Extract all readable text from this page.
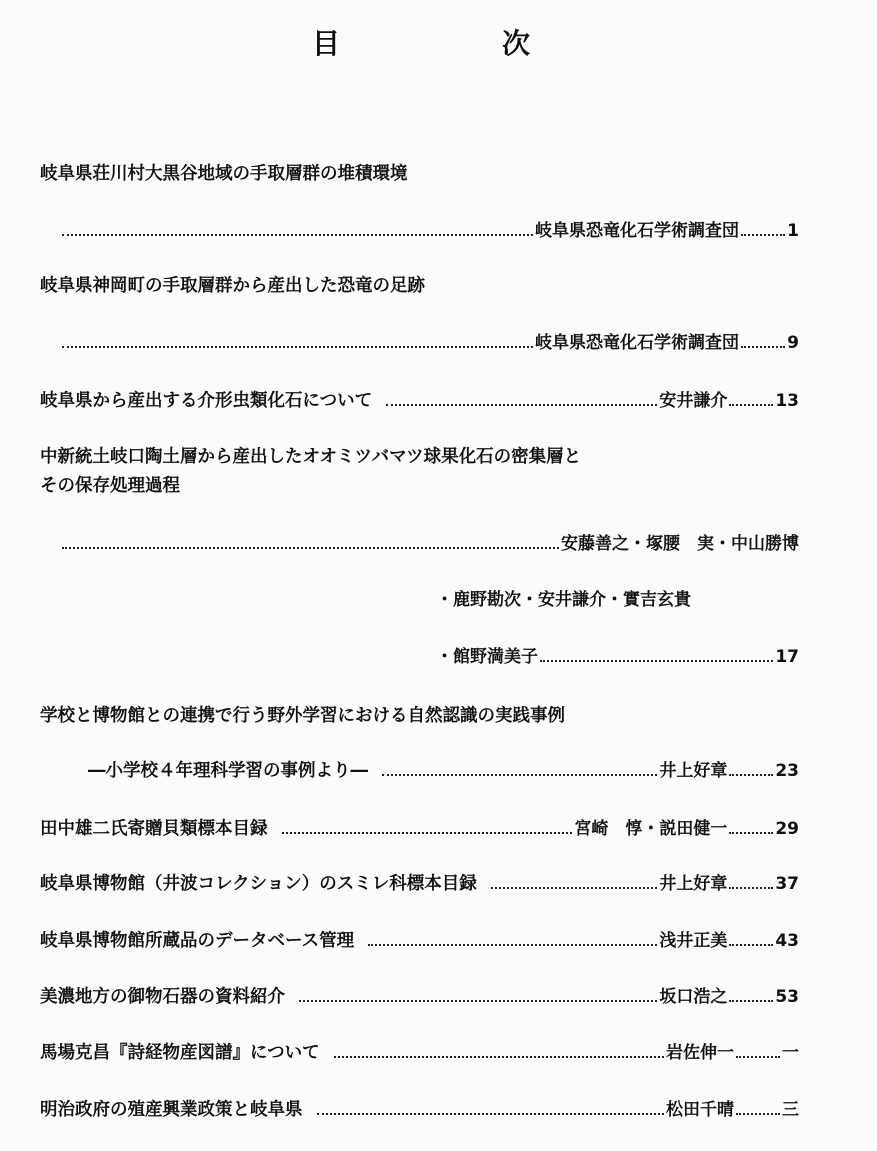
目	次
岐阜県荘川村大黒谷地域の手取層群の堆積環境
岐阜県恐竜化石学術調査団	1
岐阜県神岡町の手取層群から産出した恐竜の足跡
岐阜県恐竜化石学術調査団	9
岐阜県から産出する介形虫類化石について	安井謙介	13
中新統土岐口陶土層から産出したオオミツバマツ球果化石の密集層と
その保存処理過程
安藤善之・塚腰　実・中山勝博
・鹿野勘次・安井謙介・實吉玄貴
・館野満美子	17
学校と博物館との連携で行う野外学習における自然認識の実践事例
―小学校４年理科学習の事例より―	井上好章	23
田中雄二氏寄贈貝類標本目録	宮崎　惇・説田健一	29
岐阜県博物館（井波コレクション）のスミレ科標本目録	井上好章	37
岐阜県博物館所蔵品のデータベース管理	浅井正美	43
美濃地方の御物石器の資料紹介	坂口浩之	53
馬場克昌『詩経物産図譜』について	岩佐伸一	一
明治政府の殖産興業政策と岐阜県	松田千晴	三
